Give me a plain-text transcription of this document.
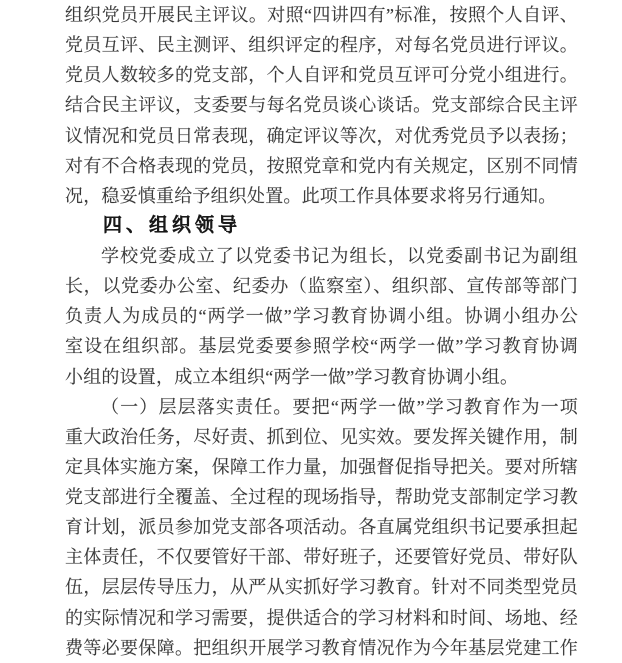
组织党员开展民主评议。对照“四讲四有”标准，按照个人自评、
党员互评、民主测评、组织评定的程序，对每名党员进行评议。
党员人数较多的党支部，个人自评和党员互评可分党小组进行。
结合民主评议，支委要与每名党员谈心谈话。党支部综合民主评
议情况和党员日常表现，确定评议等次，对优秀党员予以表扬；
对有不合格表现的党员，按照党章和党内有关规定，区别不同情
况，稳妥慎重给予组织处置。此项工作具体要求将另行通知。
四、组织领导
学校党委成立了以党委书记为组长，以党委副书记为副组
长，以党委办公室、纪委办（监察室）、组织部、宣传部等部门
负责人为成员的“两学一做”学习教育协调小组。协调小组办公
室设在组织部。基层党委要参照学校“两学一做”学习教育协调
小组的设置，成立本组织“两学一做”学习教育协调小组。
（一）层层落实责任。要把“两学一做”学习教育作为一项
重大政治任务，尽好责、抓到位、见实效。要发挥关键作用，制
定具体实施方案，保障工作力量，加强督促指导把关。要对所辖
党支部进行全覆盖、全过程的现场指导，帮助党支部制定学习教
育计划，派员参加党支部各项活动。各直属党组织书记要承担起
主体责任，不仅要管好干部、带好班子，还要管好党员、带好队
伍，层层传导压力，从严从实抓好学习教育。针对不同类型党员
的实际情况和学习需要，提供适合的学习材料和时间、场地、经
费等必要保障。把组织开展学习教育情况作为今年基层党建工作
